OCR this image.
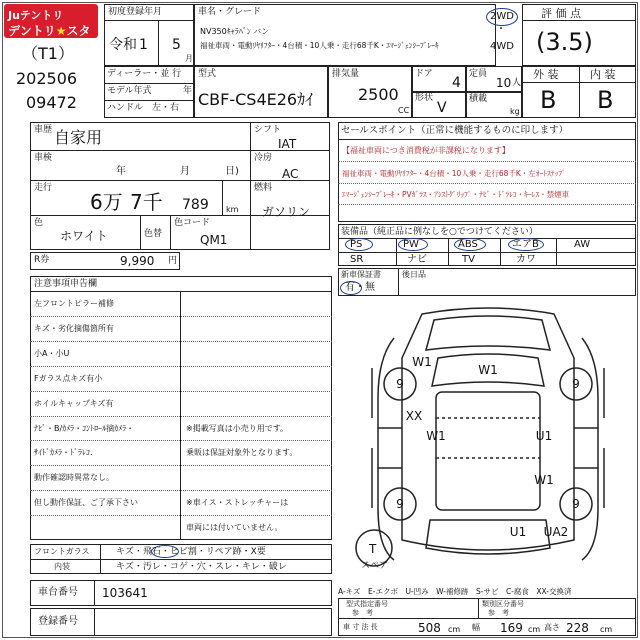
Juテントリ
デントリ★スター
初度登録年月
令和 1 5
月
（T1）
202506
09472
車名・グレード
NV350ｷｬﾗﾊﾞﾝ バン
福祉車両・電動ﾘﾔﾘﾌﾀｰ・4台積・10人乗・走行68千K・ｴﾏｰｼﾞｪﾝｼｰﾌﾞﾚｰｷ
2WD
・
4WD
評 価 点
(3.5)
ディーラー・並 行
モデル年式	年
ハンドル　左・右
型式
CBF-CS4E26ｶｲ
排気量
2500
CC
ドア
4
形状
V
定員
10 人
積載
kg
外 装	内 装
B B
車歴 自家用
車検
年	月	日)
走行
6万 7千 789 km
色
ホワイト	色替
色コード
QM1
シフト
IAT
冷房
AC
燃料
ガソリン
R券	9,990 円
セールスポイント（正常に機能するものに印します）
【福祉車両につき消費税が非課税になります】
福祉車両・電動ﾘﾔﾘﾌﾀｰ・4台積・10人乗・走行68千K・左ｵｰﾄｽﾃｯﾌﾟ
ｴﾏｰｼﾞｪﾝｼｰﾌﾞﾚｰｷ・PVｶﾞﾗｽ・ｱｼｽﾄｸﾞﾘｯﾌﾟ・ﾅﾋﾞ・ﾄﾞﾗﾚｺ・ｷｰﾚｽ・禁煙車
装備品（純正品に例なしを○でつけてください）
PS	PW	ABS	エアB	AW
SR	ナビ	TV	カワ
新車保証書
有・無
後日品
注意事項申告欄
左フロントピラー補修
キズ・劣化摘傷箇所有
小A・小U
Fガラス点キズ有小
ホイルキャップキズ有
ﾅﾋﾞ・B/ｶﾒﾗ・ｺﾝﾄﾛｰﾙ摘ｶﾒﾗ・	※掲載写真は小売り用です。
ｻｲﾄﾞｶﾒﾗ・ﾄﾞﾗﾚｺ.	乗販は保証対象外となります。
動作確認時異常なし。
但し動作保証、ご了承下さい	※車イス・ストレッチャーは
車両には付いていません。
フロントガラス	キズ・飛石・ヒビ割・リペア跡・X要
内装	キズ・汚レ・コゲ・穴・スレ・キレ・破レ
車台番号 103641
登録番号
W1
W1
9	9
XX
W1	U1
W1
9	9
U1 UA2
T
スペア
A-キズ　E-エクボ　U-凹み　W-補修跡　S-サビ　C-腐食　XX-交換済
型式指定番号
参　考
類別区分番号
参　考
車 寸 法 長	508 cm 幅 169 cm 高さ 228 cm
